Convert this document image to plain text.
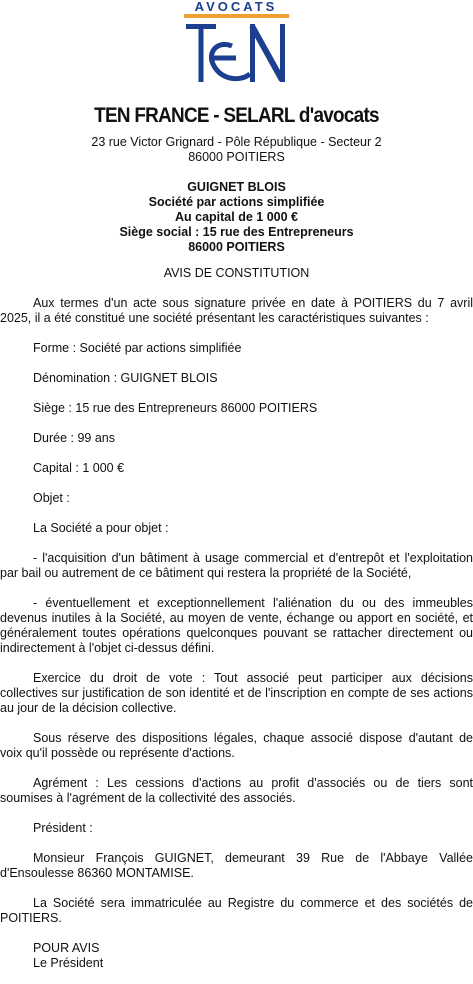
AVOCATS
TEN FRANCE - SELARL d'avocats
23 rue Victor Grignard - Pôle République - Secteur 2
86000 POITIERS
GUIGNET BLOIS
Société par actions simplifiée
Au capital de 1 000 €
Siège social : 15 rue des Entrepreneurs
86000 POITIERS
AVIS DE CONSTITUTION

Aux termes d'un acte sous signature privée en date à POITIERS du 7 avril 2025, il a été constitué une société présentant les caractéristiques suivantes :

Forme : Société par actions simplifiée

Dénomination : GUIGNET BLOIS

Siège : 15 rue des Entrepreneurs 86000 POITIERS

Durée : 99 ans

Capital : 1 000 €

Objet :

La Société a pour objet :

- l'acquisition d'un bâtiment à usage commercial et d'entrepôt et l'exploitation par bail ou autrement de ce bâtiment qui restera la propriété de la Société,

- éventuellement et exceptionnellement l'aliénation du ou des immeubles devenus inutiles à la Société, au moyen de vente, échange ou apport en société, et généralement toutes opérations quelconques pouvant se rattacher directement ou indirectement à l'objet ci-dessus défini.

Exercice du droit de vote : Tout associé peut participer aux décisions collectives sur justification de son identité et de l'inscription en compte de ses actions au jour de la décision collective.

Sous réserve des dispositions légales, chaque associé dispose d'autant de voix qu'il possède ou représente d'actions.

Agrément : Les cessions d'actions au profit d'associés ou de tiers sont soumises à l'agrément de la collectivité des associés.

Président :

Monsieur François GUIGNET, demeurant 39 Rue de l'Abbaye Vallée d'Ensoulesse 86360 MONTAMISE.

La Société sera immatriculée au Registre du commerce et des sociétés de POITIERS.

POUR AVIS
Le Président
